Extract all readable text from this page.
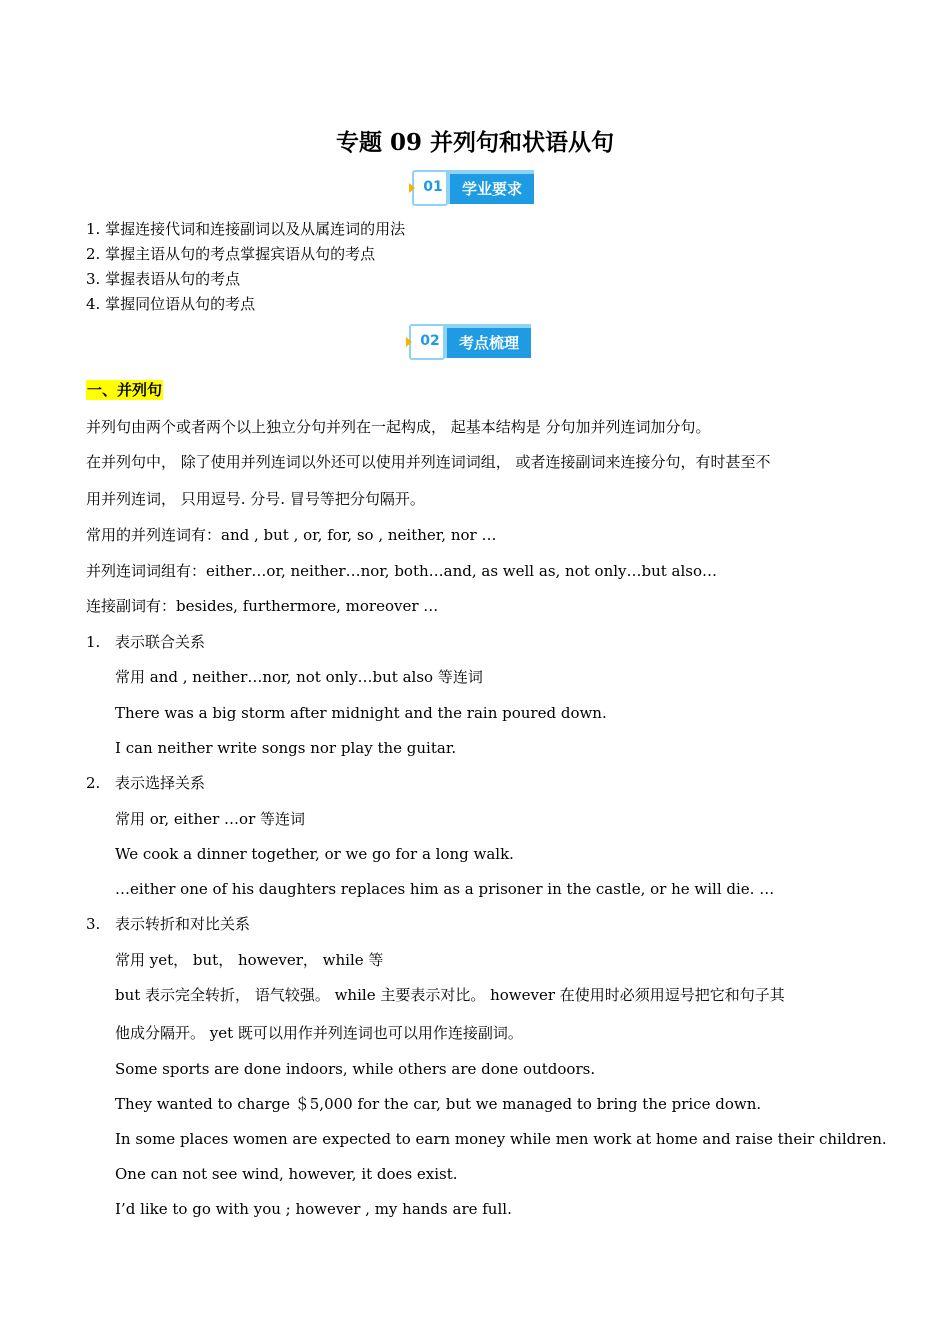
专题 09 并列句和状语从句
学业要求
01
1. 掌握连接代词和连接副词以及从属连词的用法
2. 掌握主语从句的考点掌握宾语从句的考点
3. 掌握表语从句的考点
4. 掌握同位语从句的考点
考点梳理
02
一、并列句
并列句由两个或者两个以上独立分句并列在一起构成， 起基本结构是 分句加并列连词加分句。
在并列句中， 除了使用并列连词以外还可以使用并列连词词组， 或者连接副词来连接分句，有时甚至不
用并列连词， 只用逗号. 分号. 冒号等把分句隔开。
常用的并列连词有：and , but , or, for, so , neither, nor …
并列连词词组有：either…or, neither…nor, both…and, as well as, not only…but also…
连接副词有：besides, furthermore, moreover …
1. 表示联合关系
常用 and , neither…nor, not only…but also 等连词
There was a big storm after midnight and the rain poured down.
I can neither write songs nor play the guitar.
2. 表示选择关系
常用 or, either …or 等连词
We cook a dinner together, or we go for a long walk.
…either one of his daughters replaces him as a prisoner in the castle, or he will die. …
3. 表示转折和对比关系
常用 yet， but， however， while 等
but 表示完全转折， 语气较强。 while 主要表示对比。 however 在使用时必须用逗号把它和句子其
他成分隔开。 yet 既可以用作并列连词也可以用作连接副词。
Some sports are done indoors, while others are done outdoors.
They wanted to charge ＄5,000 for the car, but we managed to bring the price down.
In some places women are expected to earn money while men work at home and raise their children.
One can not see wind, however, it does exist.
I’d like to go with you ; however , my hands are full.
